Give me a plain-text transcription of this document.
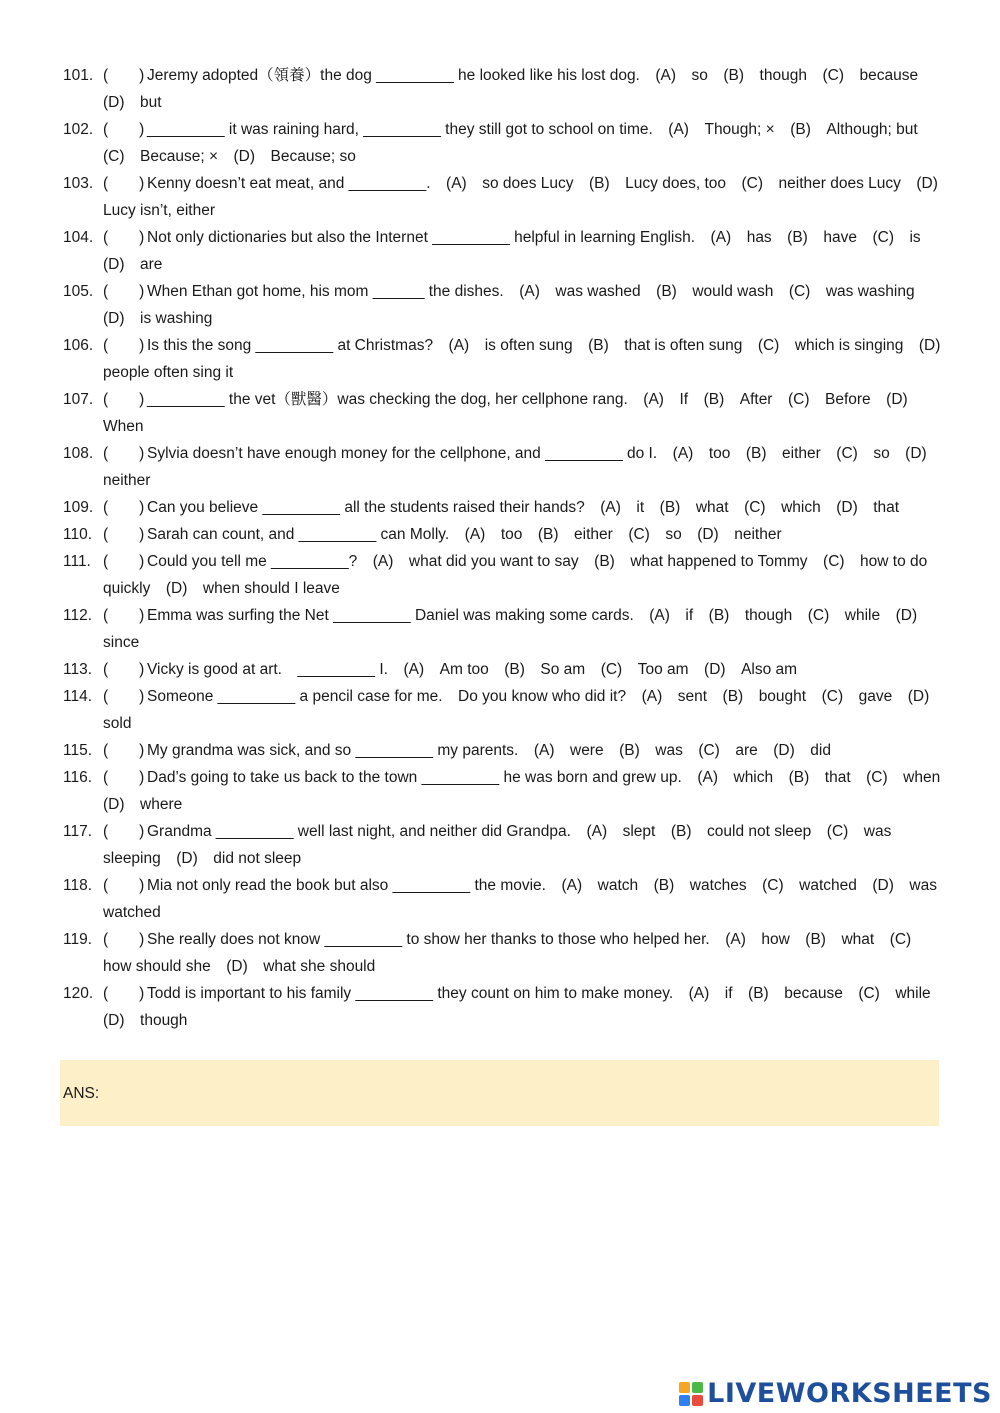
101. (　　) Jeremy adopted（領養）the dog _________ he looked like his lost dog.　(A)　so　(B)　though　(C)　because　(D)　but
102. (　　) _________ it was raining hard, _________ they still got to school on time.　(A)　Though; ×　(B)　Although; but　(C)　Because; ×　(D)　Because; so
103. (　　) Kenny doesn’t eat meat, and _________.　(A)　so does Lucy　(B)　Lucy does, too　(C)　neither does Lucy　(D)　Lucy isn’t, either
104. (　　) Not only dictionaries but also the Internet _________ helpful in learning English.　(A)　has　(B)　have　(C)　is　(D)　are
105. (　　) When Ethan got home, his mom ______ the dishes.　(A)　was washed　(B)　would wash　(C)　was washing　(D)　is washing
106. (　　) Is this the song _________ at Christmas?　(A)　is often sung　(B)　that is often sung　(C)　which is singing　(D)　people often sing it
107. (　　) _________ the vet（獸醫）was checking the dog, her cellphone rang.　(A)　If　(B)　After　(C)　Before　(D)　When
108. (　　) Sylvia doesn’t have enough money for the cellphone, and _________ do I.　(A)　too　(B)　either　(C)　so　(D)　neither
109. (　　) Can you believe _________ all the students raised their hands?　(A)　it　(B)　what　(C)　which　(D)　that
110. (　　) Sarah can count, and _________ can Molly.　(A)　too　(B)　either　(C)　so　(D)　neither
111. (　　) Could you tell me _________?　(A)　what did you want to say　(B)　what happened to Tommy　(C)　how to do quickly　(D)　when should I leave
112. (　　) Emma was surfing the Net _________ Daniel was making some cards.　(A)　if　(B)　though　(C)　while　(D)　since
113. (　　) Vicky is good at art.　_________ I.　(A)　Am too　(B)　So am　(C)　Too am　(D)　Also am
114. (　　) Someone _________ a pencil case for me.　Do you know who did it?　(A)　sent　(B)　bought　(C)　gave　(D)　sold
115. (　　) My grandma was sick, and so _________ my parents.　(A)　were　(B)　was　(C)　are　(D)　did
116. (　　) Dad’s going to take us back to the town _________ he was born and grew up.　(A)　which　(B)　that　(C)　when　(D)　where
117. (　　) Grandma _________ well last night, and neither did Grandpa.　(A)　slept　(B)　could not sleep　(C)　was sleeping　(D)　did not sleep
118. (　　) Mia not only read the book but also _________ the movie.　(A)　watch　(B)　watches　(C)　watched　(D)　was watched
119. (　　) She really does not know _________ to show her thanks to those who helped her.　(A)　how　(B)　what　(C)　how should she　(D)　what she should
120. (　　) Todd is important to his family _________ they count on him to make money.　(A)　if　(B)　because　(C)　while　(D)　though
ANS:
LIVEWORKSHEETS
